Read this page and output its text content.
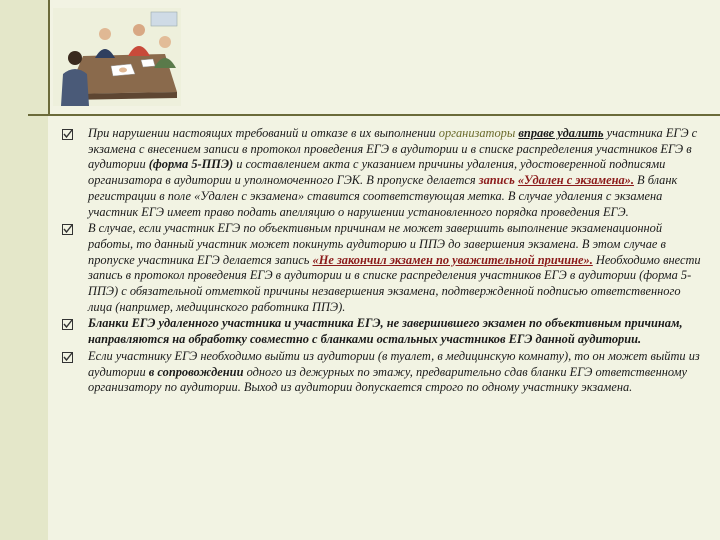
При нарушении настоящих требований и отказе в их выполнении организаторы вправе удалить участника ЕГЭ с экзамена с внесением записи в протокол проведения ЕГЭ в аудитории и в списке распределения участников ЕГЭ в аудитории (форма 5-ППЭ) и составлением акта с указанием причины удаления, удостоверенной подписями организатора в аудитории и уполномоченного ГЭК. В пропуске делается запись «Удален с экзамена». В бланк регистрации в поле «Удален с экзамена» ставится соответствующая метка. В случае удаления с экзамена участник ЕГЭ имеет право подать апелляцию о нарушении установленного порядка проведения ЕГЭ.
В случае, если участник ЕГЭ по объективным причинам не может завершить выполнение экзаменационной работы, то данный участник может покинуть аудиторию и ППЭ до завершения экзамена. В этом случае в пропуске участника ЕГЭ делается запись «Не закончил экзамен по уважительной причине». Необходимо внести запись в протокол проведения ЕГЭ в аудитории и в списке распределения участников ЕГЭ в аудитории (форма 5-ППЭ) с обязательной отметкой причины незавершения экзамена, подтвержденной подписью ответственного лица (например, медицинского работника ППЭ).
Бланки ЕГЭ удаленного участника и участника ЕГЭ, не завершившего экзамен по объективным причинам, направляются на обработку совместно с бланками остальных участников ЕГЭ данной аудитории.
Если участнику ЕГЭ необходимо выйти из аудитории (в туалет, в медицинскую комнату), то он может выйти из аудитории в сопровождении одного из дежурных по этажу, предварительно сдав бланки ЕГЭ ответственному организатору по аудитории. Выход из аудитории допускается строго по одному участнику экзамена.
